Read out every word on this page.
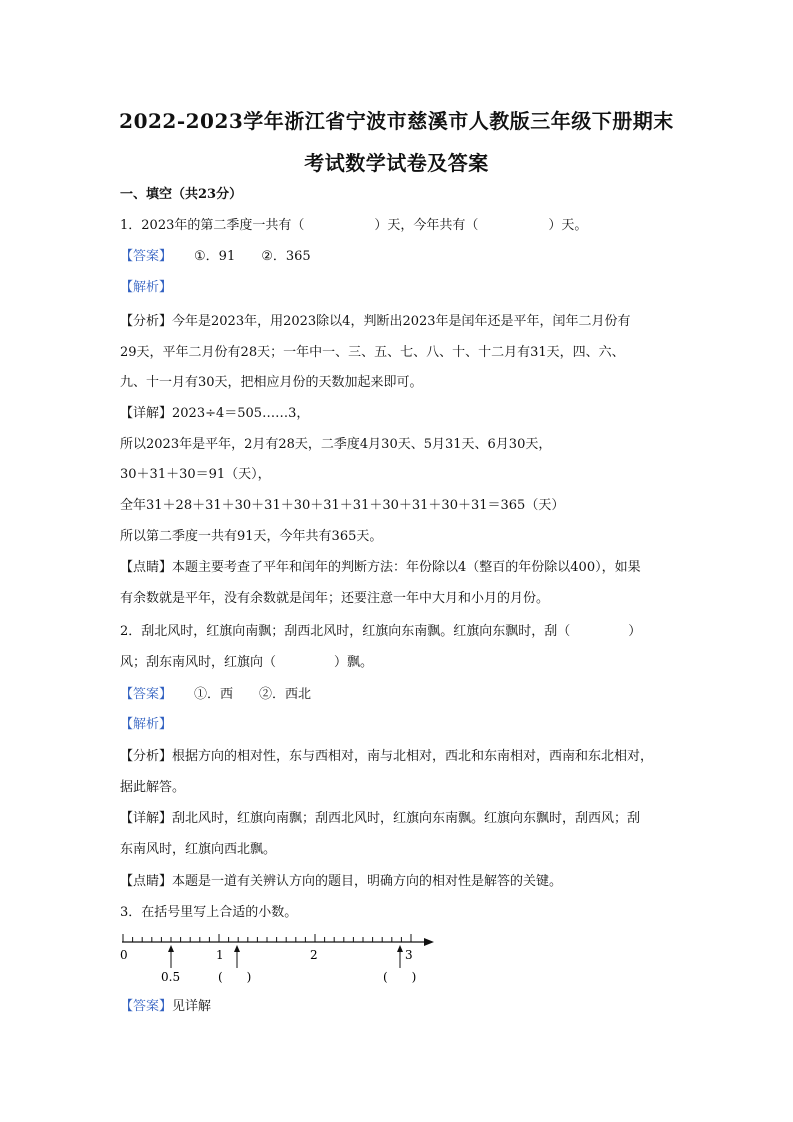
2022-2023学年浙江省宁波市慈溪市人教版三年级下册期末
考试数学试卷及答案
一、填空（共23分）
1．2023年的第二季度一共有（	）天，今年共有（	）天。
【答案】 ①．91　　②．365
【解析】
【分析】今年是2023年，用2023除以4，判断出2023年是闰年还是平年，闰年二月份有
29天，平年二月份有28天；一年中一、三、五、七、八、十、十二月有31天，四、六、
九、十一月有30天，把相应月份的天数加起来即可。
【详解】2023÷4＝505……3，
所以2023年是平年，2月有28天，二季度4月30天、5月31天、6月30天，
30＋31＋30＝91（天），
全年31＋28＋31＋30＋31＋30＋31＋31＋30＋31＋30＋31＝365（天）
所以第二季度一共有91天，今年共有365天。
【点睛】本题主要考查了平年和闰年的判断方法：年份除以4（整百的年份除以400），如果
有余数就是平年，没有余数就是闰年；还要注意一年中大月和小月的月份。
2．刮北风时，红旗向南飘；刮西北风时，红旗向东南飘。红旗向东飘时，刮（	）
风；刮东南风时，红旗向（	）飘。
【答案】 ①．西　　②．西北
【解析】
【分析】根据方向的相对性，东与西相对，南与北相对，西北和东南相对，西南和东北相对，
据此解答。
【详解】刮北风时，红旗向南飘；刮西北风时，红旗向东南飘。红旗向东飘时，刮西风；刮
东南风时，红旗向西北飘。
【点睛】本题是一道有关辨认方向的题目，明确方向的相对性是解答的关键。
3．在括号里写上合适的小数。
0	1	2	3
0.5	(　　)	(　　)
【答案】见详解
